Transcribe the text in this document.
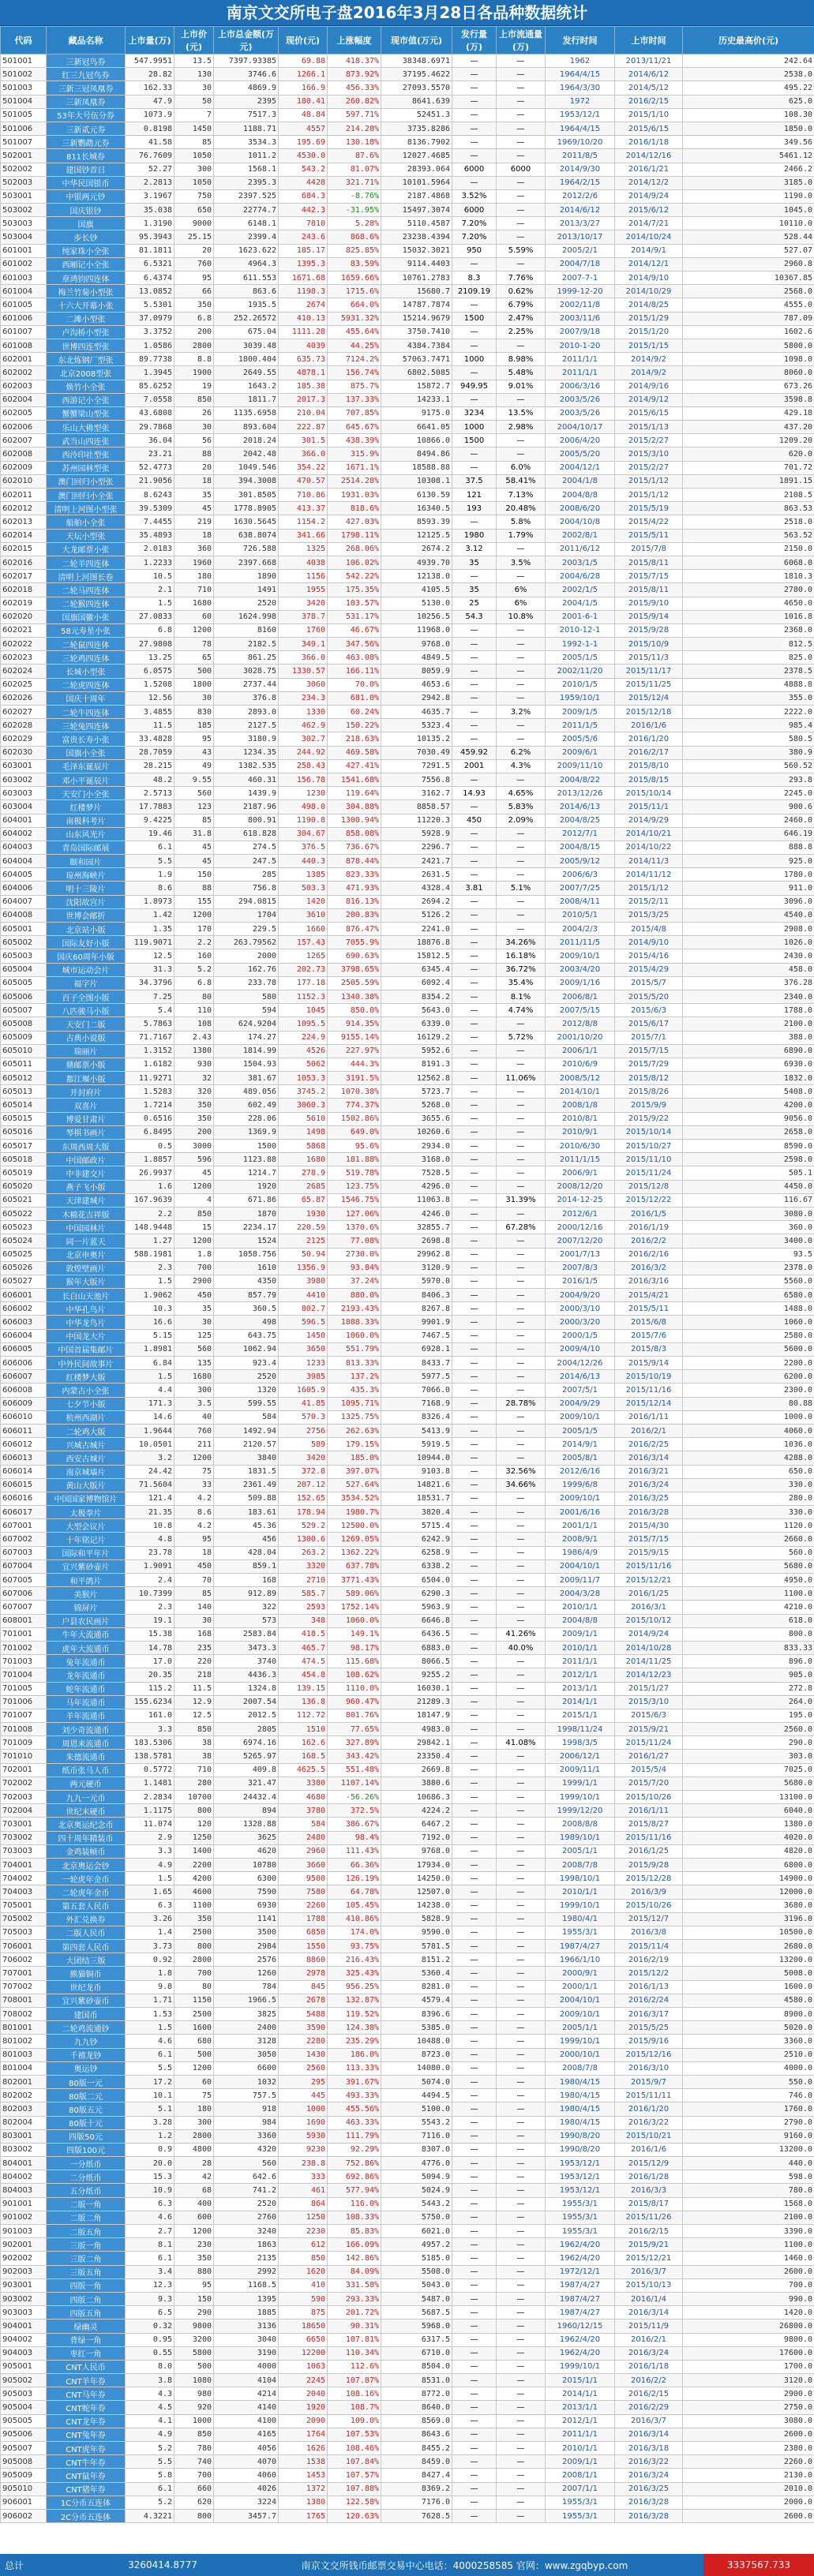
南京文交所电子盘2016年3月28日各品种数据统计
代码	藏品名称	上市量(万)	上市价(元)	上市总金额(万元)	现价(元)	上涨幅度	现市值(万元)	发行量(万)	上市流通量(万)	发行时间	上市时间	历史最高价(元)
501001	三新冠鸟券	547.9951	13.5	7397.93385	69.88	418.37%	38348.6971	—	—	1962	2013/11/21	242.64
501002	红三九冠鸟券	28.82	130	3746.6	1266.1	873.92%	37195.4622	—	—	1964/4/15	2014/6/12	2538.0
501003	三新三冠凤凰券	162.33	30	4869.9	166.9	456.33%	27093.5570	—	—	1964/3/30	2014/5/12	495.22
501004	三新凤凰券	47.9	50	2395	180.41	260.82%	8641.639	—	—	1972	2016/2/15	625.0
501005	53年大号伍分券	1073.9	7	7517.3	48.84	597.71%	52451.3	—	—	1953/12/1	2015/1/10	108.30
501006	三新贰元券	0.8198	1450	1188.71	4557	214.28%	3735.8286	—	—	1964/4/15	2015/6/15	1850.0
501007	三新鹦鹉元券	41.58	85	3534.3	195.69	130.18%	8136.7902	—	—	1969/10/20	2016/1/18	349.56
502001	811长城券	76.7609	1050	1011.2	4530.0	87.6%	12027.4685	—	—	2011/8/5	2014/12/16	5461.12
502002	建国钞首日	52.27	300	1568.1	543.2	81.07%	28393.064	6000	6000	2014/9/30	2016/1/21	2466.2
502003	中华民国银币	2.2813	1050	2395.3	4428	321.71%	10101.5964	—	—	1964/2/15	2014/12/2	3185.0
503001	中银两元钞	3.1967	750	2397.525	684.3	-8.76%	2187.4868	3.52%	—	2012/2/6	2014/9/24	1190.0
503002	国庆银钞	35.038	650	22774.7	442.3	-31.95%	15497.3074	6000	—	2014/6/12	2015/6/12	1045.0
503003	国旗	1.3190	9000	6148.1	7810	5.28%	5110.4587	7.20%	—	2013/3/27	2014/7/21	10110.0
503004	步长钞	95.3943	25.15	2399.4	243.6	868.6%	23238.4394	7.20%	—	2013/10/17	2014/10/24	528.44
601001	纯家珠小全张	81.1811	20	1623.622	185.17	825.85%	15032.3021	950	5.59%	2005/2/1	2014/9/1	527.07
601002	西厢记小全张	6.5321	760	4964.3	1395.3	83.59%	9114.4403	—	—	2004/7/18	2014/12/1	2960.8
601003	章鸿钧四连体	6.4374	95	611.553	1671.68	1659.66%	10761.2783	8.3	7.76%	2007-7-1	2014/9/10	10367.85
601004	梅兰竹菊小型张	13.0852	66	863.6	1198.3	1715.6%	15680.7	2109.19	0.62%	1999-12-20	2014/10/29	2568.0
601005	十六大开幕小张	5.5301	350	1935.5	2674	664.0%	14787.7874	—	6.79%	2002/11/8	2014/8/25	4555.0
601006	二滩小型张	37.0979	6.8	252.26572	410.13	5931.32%	15214.9679	1500	2.47%	2003/11/6	2015/1/29	787.09
601007	卢沟桥小型张	3.3752	200	675.04	1111.28	455.64%	3750.7410	—	2.25%	2007/9/18	2015/1/20	1602.6
601008	世博四连型张	1.0586	2800	3039.48	4039	44.25%	4384.7384	—	—	2010-1-20	2015/1/15	5800.0
602001	东北炼钢厂型张	89.7738	8.8	1800.404	635.73	7124.2%	57063.7471	1000	8.98%	2011/1/1	2014/9/2	1098.0
602002	北京2008型张	1.3945	1900	2649.55	4878.1	156.74%	6802.5085	—	5.48%	2011/1/1	2014/9/2	8060.0
602003	焕竹小全张	85.6252	19	1643.2	185.38	875.7%	15872.7	949.95	9.01%	2006/3/16	2014/9/16	673.26
602004	西游记小全张	7.0558	850	1811.7	2017.3	137.33%	14233.1	—	—	2003/5/26	2014/9/12	3598.8
602005	蟹蟹梁山型张	43.6808	26	1135.6958	210.04	707.85%	9175.0	3234	13.5%	2003/5/26	2015/6/15	429.18
602006	乐山大佛型张	29.7868	30	893.604	222.87	645.67%	6641.05	1000	2.98%	2004/10/17	2015/1/13	437.20
602007	武当山四连张	36.04	56	2018.24	301.5	438.39%	10866.0	1500	—	2006/4/20	2015/2/27	1209.20
602008	西泠印社型张	23.21	88	2042.48	366.0	315.9%	8494.86	—	—	2005/5/20	2015/3/10	620.0
602009	苏州园林型张	52.4773	20	1049.546	354.22	1671.1%	18588.88	—	6.0%	2004/12/1	2015/2/27	701.72
602010	澳门回归小型张	21.9056	18	394.3008	470.57	2514.28%	10308.1	37.5	58.41%	2004/1/8	2015/1/12	1891.15
602011	澳门回归小全张	8.6243	35	301.8505	710.86	1931.03%	6130.59	121	7.13%	2004/8/8	2015/1/12	2108.5
602012	清明上河图小型张	39.5309	45	1778.8905	413.37	818.6%	16340.5	193	20.48%	2008/6/20	2015/5/19	863.53
602013	船舶小全张	7.4455	219	1630.5645	1154.2	427.03%	8593.39	—	5.8%	2004/10/8	2015/4/22	2518.0
602014	天坛小型张	35.4893	18	638.8074	341.66	1798.11%	12125.5	1980	1.79%	2002/8/1	2015/5/11	563.52
602015	大龙邮票小张	2.0183	360	726.588	1325	268.06%	2674.2	3.12	—	2011/6/12	2015/7/8	2150.0
602016	二轮羊四连体	1.2233	1960	2397.668	4038	106.02%	4939.70	35	3.5%	2003/1/5	2015/8/11	6068.0
602017	清明上河图长卷	10.5	180	1890	1156	542.22%	12138.0	—	—	2004/6/28	2015/7/15	1810.3
602018	二轮马四连体	2.1	710	1491	1955	175.35%	4105.5	35	6%	2002/1/5	2015/8/11	2780.0
602019	二轮猴四连体	1.5	1680	2520	3420	103.57%	5130.0	25	6%	2004/1/5	2015/9/10	4650.0
602020	国旗国徽小张	27.0833	60	1624.998	378.7	531.17%	10256.5	54.3	10.8%	2001-6-1	2015/9/14	1016.8
602021	58元寿星小张	6.8	1200	8160	1760	46.67%	11968.0	—	—	2010-12-1	2015/9/28	2368.0
602022	二轮鼠四连体	27.9808	78	2182.5	349.1	347.56%	9768.0	—	—	1992-1-1	2015/10/9	812.5
602023	三轮鸡四连体	13.25	65	861.25	366.0	463.08%	4849.5	—	—	2005/1/5	2015/11/3	825.0
602024	长城小型张	6.0575	500	3028.75	1330.57	166.11%	8059.9	—	—	2002/11/20	2015/11/17	2378.5
602025	二轮虎四连体	1.5208	1800	2737.44	3060	70.0%	4653.6	—	—	2010/1/5	2015/11/25	4888.8
602026	国庆十周年	12.56	30	376.8	234.3	681.0%	2942.8	—	—	1959/10/1	2015/12/4	355.0
602027	二轮牛四连体	3.4855	830	2893.0	1330	60.24%	4635.7	—	3.2%	2009/1/5	2015/12/18	2222.0
602028	三轮兔四连体	11.5	185	2127.5	462.9	150.22%	5323.4	—	—	2011/1/5	2016/1/6	985.4
602029	富贵长寿小张	33.4828	95	3180.9	302.7	218.63%	10135.2	—	—	2005/5/6	2016/1/20	580.5
602030	国旗小全张	28.7059	43	1234.35	244.92	469.58%	7030.49	459.92	6.2%	2009/6/1	2016/2/17	380.9
603001	毛泽东诞辰片	28.215	49	1382.535	258.43	427.41%	7291.5	2001	4.3%	2009/11/10	2015/8/10	560.52
603002	邓小平诞辰片	48.2	9.55	460.31	156.78	1541.68%	7556.8	—	—	2004/8/22	2015/8/15	293.8
603003	天安门小全张	2.5713	560	1439.9	1230	119.64%	3162.7	14.93	4.65%	2013/12/26	2015/10/14	2245.0
603004	红楼梦片	17.7883	123	2187.96	498.0	304.88%	8858.57	—	5.83%	2014/6/13	2015/11/1	900.6
604001	南极科考片	9.4225	85	800.91	1190.8	1300.94%	11220.3	450	2.09%	2004/8/25	2014/9/29	2460.0
604002	山东风光片	19.46	31.8	618.828	304.67	858.08%	5928.9	—	—	2012/7/1	2014/10/21	646.19
604003	青岛国际邮展	6.1	45	274.5	376.5	736.67%	2296.7	—	—	2004/8/15	2014/10/22	888.8
604004	颐和园片	5.5	45	247.5	440.3	878.44%	2421.7	—	—	2005/9/12	2014/11/3	925.0
604005	琼州海峡片	1.9	150	285	1385	823.33%	2631.5	—	—	2006/6/3	2014/11/12	1780.0
604006	明十三陵片	8.6	88	756.8	503.3	471.93%	4328.4	3.81	5.1%	2007/7/25	2015/1/12	911.0
604007	沈阳故宫片	1.8973	155	294.0815	1420	816.13%	2694.2	—	—	2008/4/11	2015/2/11	3096.0
604008	世博会邮折	1.42	1200	1704	3610	200.83%	5126.2	—	—	2010/5/1	2015/3/25	4540.0
605001	北京站小版	1.35	170	229.5	1660	876.47%	2241.0	—	—	2004/2/3	2015/4/8	2908.0
605002	国际友好小版	119.9071	2.2	263.79562	157.43	7055.9%	18876.8	—	34.26%	2011/11/5	2014/9/10	1026.0
605003	国庆60周年小版	12.5	160	2000	1265	690.63%	15812.5	—	16.18%	2009/10/1	2015/4/16	2430.0
605004	城市运动会片	31.3	5.2	162.76	202.73	3798.65%	6345.4	—	36.72%	2003/4/20	2015/4/29	458.0
605005	福字片	34.3796	6.8	233.78	177.18	2505.59%	6092.4	—	35.4%	2009/1/16	2015/5/7	376.28
605006	百子全图小版	7.25	80	580	1152.3	1340.38%	8354.2	—	8.1%	2006/8/1	2015/5/20	2340.0
605007	八匹骏马小版	5.4	110	594	1045	850.0%	5643.0	—	4.74%	2007/5/15	2015/6/3	1788.0
605008	天安门二版	5.7863	108	624.9204	1095.5	914.35%	6339.0	—	—	2012/8/8	2015/6/17	2100.0
605009	古典小说版	71.7167	2.43	174.27	224.9	9155.14%	16129.2	—	5.72%	2001/10/20	2015/7/1	388.0
605010	瑞丽片	1.3152	1380	1814.99	4526	227.97%	5952.6	—	—	2006/1/1	2015/7/15	6890.0
605011	鼎邮票小版	1.6182	930	1504.93	5062	444.3%	8191.3	—	—	2010/6/9	2015/7/29	6930.0
605012	都江堰小版	11.9271	32	381.67	1053.3	3191.5%	12562.8	—	11.06%	2008/5/12	2015/8/12	1832.0
605013	开封府片	1.5283	320	489.056	3745.2	1070.38%	5723.7	—	—	2014/10/1	2015/8/26	5408.0
605014	双喜片	1.7214	350	602.49	3060.3	774.37%	5268.0	—	—	2008/1/8	2015/9/9	4200.0
605015	博爱甘肃片	0.6516	350	228.06	5610	1502.86%	3655.6	—	—	2010/8/1	2015/9/22	9056.0
605016	琴棋书画片	6.8495	200	1369.9	1498	649.0%	10260.6	—	—	2010/9/1	2015/10/14	2658.0
605017	东周西周大版	0.5	3000	1500	5868	95.6%	2934.0	—	—	2010/6/30	2015/10/27	8590.0
605018	中国邮政片	1.8857	596	1123.88	1680	181.88%	3168.0	—	—	2011/1/15	2015/11/10	2598.0
605019	中非建交片	26.9937	45	1214.7	278.9	519.78%	7528.5	—	—	2006/9/1	2015/11/24	505.1
605020	燕子飞小版	1.6	1200	1920	2685	123.75%	4296.0	—	—	2008/12/20	2015/12/8	4450.0
605021	天津建城片	167.9639	4	671.86	65.87	1546.75%	11063.8	—	31.39%	2014-12-25	2015/12/22	116.67
605022	木棉花吉祥版	2.2	850	1870	1930	127.06%	4246.0	—	—	2012/6/1	2016/1/5	3080.0
605023	中国园林片	148.9448	15	2234.17	220.59	1370.6%	32855.7	—	67.28%	2000/12/16	2016/1/19	360.0
605024	同一片蓝天	1.27	1200	1524	2125	77.08%	2698.8	—	—	2007/12/20	2016/2/2	3400.0
605025	北京申奥片	588.1981	1.8	1058.756	50.94	2730.0%	29962.8	—	—	2001/7/13	2016/2/16	93.5
605026	敦煌壁画片	2.3	700	1610	1356.9	93.84%	3120.9	—	—	2007/8/3	2016/3/2	2378.0
605027	猴年大版片	1.5	2900	4350	3980	37.24%	5970.0	—	—	2016/1/5	2016/3/16	5560.0
606001	长白山天池片	1.9062	450	857.79	4410	880.0%	8406.3	—	—	2004/9/20	2015/4/21	6580.0
606002	中华孔鸟片	10.3	35	360.5	802.7	2193.43%	8267.8	—	—	2000/3/10	2015/5/11	1488.0
606003	中华龙鸟片	16.6	30	498	596.5	1888.33%	9901.9	—	—	2000/3/20	2015/6/8	1060.0
606004	中国龙大片	5.15	125	643.75	1450	1060.0%	7467.5	—	—	2000/1/5	2015/7/6	2580.0
606005	中国首届集邮片	1.8981	560	1062.94	3650	551.79%	6928.1	—	—	2009/4/10	2015/8/3	5600.0
606006	中外民间故事片	6.84	135	923.4	1233	813.33%	8433.7	—	—	2004/12/26	2015/9/14	2200.0
606007	红楼梦大版	1.5	1680	2520	3985	137.2%	5977.5	—	—	2014/6/13	2015/10/19	6200.0
606008	内蒙古小全张	4.4	300	1320	1605.9	435.3%	7066.0	—	—	2007/5/1	2015/11/16	2300.0
606009	七夕节小版	171.3	3.5	599.55	41.85	1095.71%	7168.9	—	28.78%	2004/9/29	2015/12/14	80.88
606010	杭州西湖片	14.6	40	584	570.3	1325.75%	8326.4	—	—	2009/10/1	2016/1/11	1000.0
606011	二轮鸡大版	1.9644	760	1492.94	2756	262.63%	5413.9	—	—	2005/1/5	2016/2/1	4060.0
606012	兴城古城片	10.0501	211	2120.57	589	179.15%	5919.5	—	—	2014/9/1	2016/2/25	1036.0
606013	西安古城片	3.2	1200	3840	3420	185.0%	10944.0	—	—	2005/8/1	2016/3/14	4288.0
606014	南京城墙片	24.42	75	1831.5	372.8	397.07%	9103.8	—	32.56%	2012/6/16	2016/3/21	650.0
606015	黄山大版片	71.5604	33	2361.49	207.12	527.64%	14821.6	—	34.66%	1999/6/8	2016/3/24	330.0
606016	中国国家博物馆片	121.4	4.2	509.88	152.65	3534.52%	18531.7	—	—	2009/10/1	2016/3/25	280.0
606017	太极拳片	21.35	8.6	183.61	178.94	1980.7%	3820.4	—	—	2001/6/16	2016/3/28	330.0
607001	大型会议片	10.8	4.2	45.36	529.2	12500.0%	5715.4	—	—	2001/1/1	2015/4/30	1120.0
607002	十年铭记片	4.8	95	456	1300.6	1269.05%	6242.9	—	—	2008/9/1	2015/7/15	2660.0
607003	国际和平年片	23.78	18	428.04	263.2	1362.22%	6258.9	—	—	1986/4/9	2015/9/15	560.0
607004	宜兴紫砂壶片	1.9091	450	859.1	3320	637.78%	6338.2	—	—	2004/10/1	2015/11/16	5680.0
607005	和平鸽片	2.4	70	168	2710	3771.43%	6504.0	—	—	2009/11/7	2015/12/21	4950.0
607006	美猴片	10.7399	85	912.89	585.7	589.06%	6290.3	—	—	2004/3/28	2016/1/25	1100.0
607007	锦屏片	2.3	140	322	2593	1752.14%	5963.9	—	—	2010/1/1	2016/3/1	4210.0
608001	户县农民画片	19.1	30	573	348	1060.0%	6646.8	—	—	2004/8/8	2015/10/12	618.0
701001	牛年大流通币	15.38	168	2583.84	418.5	149.1%	6436.5	—	41.26%	2009/1/1	2014/9/24	800.0
701002	虎年大流通币	14.78	235	3473.3	465.7	98.17%	6883.0	—	40.0%	2010/1/1	2014/10/28	833.33
701003	兔年流通币	17.0	220	3740	474.5	115.68%	8066.5	—	—	2011/1/1	2014/11/25	896.0
701004	龙年流通币	20.35	218	4436.3	454.8	108.62%	9255.2	—	—	2012/1/1	2014/12/23	905.0
701005	蛇年流通币	115.2	11.5	1324.8	139.15	1110.0%	16030.1	—	—	2013/1/1	2015/1/27	272.8
701006	马年流通币	155.6234	12.9	2007.54	136.8	960.47%	21289.3	—	—	2014/1/1	2015/3/10	264.0
701007	羊年流通币	161.0	12.5	2012.5	112.72	801.76%	18147.9	—	—	2015/1/1	2015/6/3	195.0
701008	刘少奇流通币	3.3	850	2805	1510	77.65%	4983.0	—	—	1998/11/24	2015/9/21	2560.0
701009	周恩来流通币	183.5306	38	6974.16	162.6	327.89%	29842.1	—	41.08%	1998/3/5	2015/11/24	290.0
701010	朱德流通币	138.5781	38	5265.97	168.5	343.42%	23350.4	—	—	2006/12/1	2016/1/27	303.0
702001	纸币张马人币	0.5772	710	409.8	4625.5	551.48%	2669.8	—	—	2009/11/1	2015/5/4	7025.0
702002	两元硬币	1.1481	280	321.47	3380	1107.14%	3880.6	—	—	1999/1/1	2015/7/20	5680.0
702003	九九一元币	2.2834	10700	24432.4	4680	-56.26%	10686.3	—	—	1999/10/1	2015/10/26	13100.0
702004	世纪末硬币	1.1175	800	894	3780	372.5%	4224.2	—	—	1999/12/20	2016/1/11	6040.0
703001	北京奥运纪念币	11.074	120	1328.88	584	386.67%	6467.2	—	—	2008/8/8	2015/8/27	1380.0
703002	四十周年精装币	2.9	1250	3625	2480	98.4%	7192.0	—	—	1989/10/1	2015/11/16	4020.0
703003	金鸡装帧币	3.3	1400	4620	2960	111.43%	9768.0	—	—	2005/1/1	2016/1/25	4820.0
704001	北京奥运会钞	4.9	2200	10780	3660	66.36%	17934.0	—	—	2008/7/8	2015/9/28	6800.0
704002	一轮虎年金币	1.5	4200	6300	9500	126.19%	14250.0	—	—	1998/10/1	2015/12/28	14900.0
704003	二轮虎年金币	1.65	4600	7590	7580	64.78%	12507.0	—	—	2010/1/1	2016/3/9	12000.0
705001	第五套人民币	6.3	1100	6930	2260	105.45%	14238.0	—	—	1999/10/1	2015/10/26	3680.0
705002	外汇兑换券	3.26	350	1141	1788	410.86%	5828.9	—	—	1980/4/1	2015/12/7	3196.0
705003	二版人民币	1.4	2500	3500	6850	174.0%	9590.0	—	—	1955/3/1	2016/3/8	10500.0
706001	第四套人民币	3.73	800	2984	1550	93.75%	5781.5	—	—	1987/4/27	2015/11/4	2680.0
706002	大团结三版	0.92	2800	2576	8860	216.43%	8151.2	—	—	1966/1/10	2016/2/19	13200.0
707001	熊猫铜币	1.8	700	1260	2978	325.43%	5360.4	—	—	2000/9/1	2015/12/2	5008.0
707002	世纪龙币	9.8	80	784	845	956.25%	8281.0	—	—	2000/1/1	2016/1/13	1600.0
708001	宜兴紫砂壶币	1.71	1150	1966.5	2678	132.87%	4579.4	—	—	2004/10/1	2016/2/24	4580.0
708002	建国币	1.53	2500	3825	5488	119.52%	8396.6	—	—	2009/10/1	2016/3/17	8900.0
801001	二轮鸡流通钞	1.5	1600	2400	3590	124.38%	5385.0	—	—	2005/1/1	2015/5/25	5020.0
801002	九九钞	4.6	680	3128	2280	235.29%	10488.0	—	—	1999/10/1	2015/9/16	3360.0
801003	千禧龙钞	6.1	500	3050	1430	186.0%	8723.0	—	—	2000/10/1	2015/12/16	2510.0
801004	奥运钞	5.5	1200	6600	2560	113.33%	14080.0	—	—	2008/7/8	2016/3/10	4000.0
802001	80版一元	17.2	60	1032	295	391.67%	5074.0	—	—	1980/4/15	2015/9/7	550.0
802002	80版二元	10.1	75	757.5	445	493.33%	4494.5	—	—	1980/4/15	2015/11/11	746.0
802003	80版五元	5.1	180	918	1000	455.56%	5100.0	—	—	1980/4/15	2016/1/20	1760.0
802004	80版十元	3.28	300	984	1690	463.33%	5543.2	—	—	1980/4/15	2016/3/22	2790.0
803001	四版50元	1.2	2800	3360	5930	111.79%	7116.0	—	—	1990/8/20	2015/10/21	9160.0
803002	四版100元	0.9	4800	4320	9230	92.29%	8307.0	—	—	1990/8/20	2016/1/6	13200.0
804001	一分纸币	20.0	28	560	238.8	752.86%	4776.0	—	—	1953/12/1	2015/12/9	440.0
804002	二分纸币	15.3	42	642.6	333	692.86%	5094.9	—	—	1953/12/1	2016/1/28	598.0
804003	五分纸币	10.9	68	741.2	461	577.94%	5024.9	—	—	1953/12/1	2016/3/3	780.0
901001	二版一角	6.3	400	2520	864	116.0%	5443.2	—	—	1955/3/1	2015/8/17	1568.0
901002	二版二角	4.6	600	2760	1250	108.33%	5750.0	—	—	1955/3/1	2015/11/26	2100.0
901003	二版五角	2.7	1200	3240	2230	85.83%	6021.0	—	—	1955/3/1	2016/2/15	3390.0
902001	三版一角	8.1	230	1863	612	166.09%	4957.2	—	—	1962/4/20	2015/9/21	1100.0
902002	三版二角	6.1	350	2135	850	142.86%	5185.0	—	—	1962/4/20	2015/12/21	1460.0
902003	三版五角	3.4	880	2992	1620	84.09%	5508.0	—	—	1972/12/1	2016/3/7	2600.0
903001	四版一角	12.3	95	1168.5	410	331.58%	5043.0	—	—	1987/4/27	2015/10/13	700.0
903002	四版二角	9.3	150	1395	590	293.33%	5487.0	—	—	1987/4/27	2016/1/4	990.0
903003	四版五角	6.5	290	1885	875	201.72%	5687.5	—	—	1987/4/27	2016/3/14	1420.0
904001	绿幽灵	0.32	9800	3136	18650	90.31%	5968.0	—	—	1960/12/15	2015/11/9	26800.0
904002	背绿一角	0.95	3200	3040	6650	107.81%	6317.5	—	—	1962/4/20	2016/2/1	9800.0
904003	枣红一角	0.55	5800	3190	12200	110.34%	6710.0	—	—	1962/4/20	2016/3/24	17600.0
905001	CNT人民币	8.0	500	4000	1063	112.6%	8504.0	—	—	1999/10/1	2016/1/18	1700.0
905002	CNT羊年券	3.8	1080	4104	2245	107.87%	8531.0	—	—	2015/1/1	2016/2/2	3120.0
905003	CNT马年券	4.3	980	4214	2040	108.16%	8772.0	—	—	2014/1/1	2016/2/15	2900.0
905004	CNT蛇年券	4.5	920	4140	1920	108.7%	8640.0	—	—	2013/1/1	2016/2/29	2750.0
905005	CNT龙年券	4.1	1000	4100	2090	109.0%	8569.0	—	—	2012/1/1	2016/3/7	3080.0
905006	CNT兔年券	4.9	850	4165	1764	107.53%	8643.6	—	—	2011/1/1	2016/3/14	2600.0
905007	CNT虎年券	5.2	780	4056	1626	108.46%	8455.2	—	—	2010/1/1	2016/3/18	2380.0
905008	CNT牛年券	5.5	740	4070	1538	107.84%	8459.0	—	—	2009/1/1	2016/3/22	2260.0
905009	CNT鼠年券	5.8	700	4060	1453	107.57%	8427.4	—	—	2008/1/1	2016/3/24	2130.0
905010	CNT猪年券	6.1	660	4026	1372	107.88%	8369.2	—	—	2007/1/1	2016/3/25	2010.0
906001	1C分币五连体	5.2	620	3224	1380	122.58%	7176.0	—	—	1955/3/1	2016/3/28	2000.0
906002	2C分币五连体	4.3221	800	3457.7	1765	120.63%	7628.5	—	—	1955/3/1	2016/3/28	2600.0
总计	3260414.8777	南京文交所钱币邮票交易中心电话：4000258585 官网：www.zgqbyp.com	3337567.733
